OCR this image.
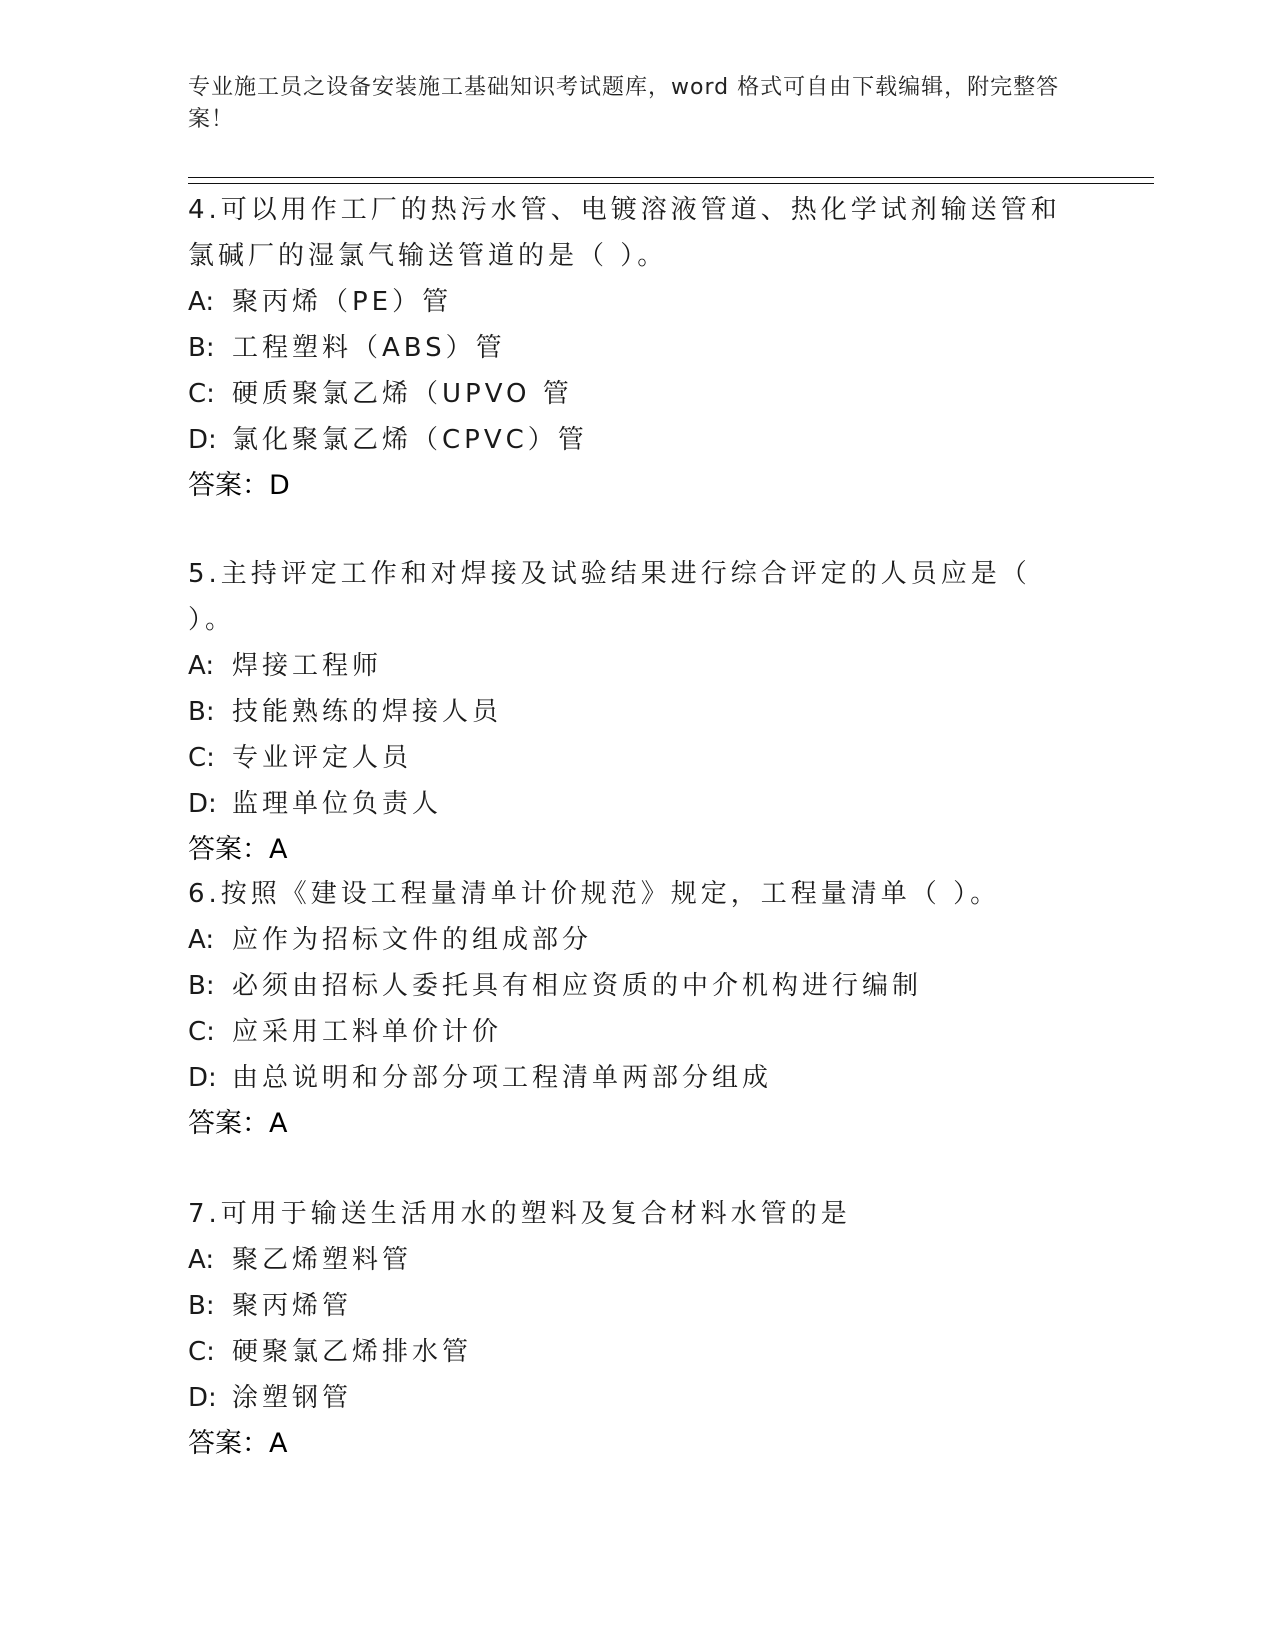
专业施工员之设备安装施工基础知识考试题库，word 格式可自由下载编辑，附完整答案！
4.可以用作工厂的热污水管、电镀溶液管道、热化学试剂输送管和氯碱厂的湿氯气输送管道的是（ ）。
A: 聚丙烯（PE）管
B: 工程塑料（ABS）管
C: 硬质聚氯乙烯（UPVO 管
D: 氯化聚氯乙烯（CPVC）管
答案：D
5.主持评定工作和对焊接及试验结果进行综合评定的人员应是（ ）。
A: 焊接工程师
B: 技能熟练的焊接人员
C: 专业评定人员
D: 监理单位负责人
答案：A
6.按照《建设工程量清单计价规范》规定，工程量清单（ ）。
A: 应作为招标文件的组成部分
B: 必须由招标人委托具有相应资质的中介机构进行编制
C: 应采用工料单价计价
D: 由总说明和分部分项工程清单两部分组成
答案：A
7.可用于输送生活用水的塑料及复合材料水管的是
A: 聚乙烯塑料管
B: 聚丙烯管
C: 硬聚氯乙烯排水管
D: 涂塑钢管
答案：A
